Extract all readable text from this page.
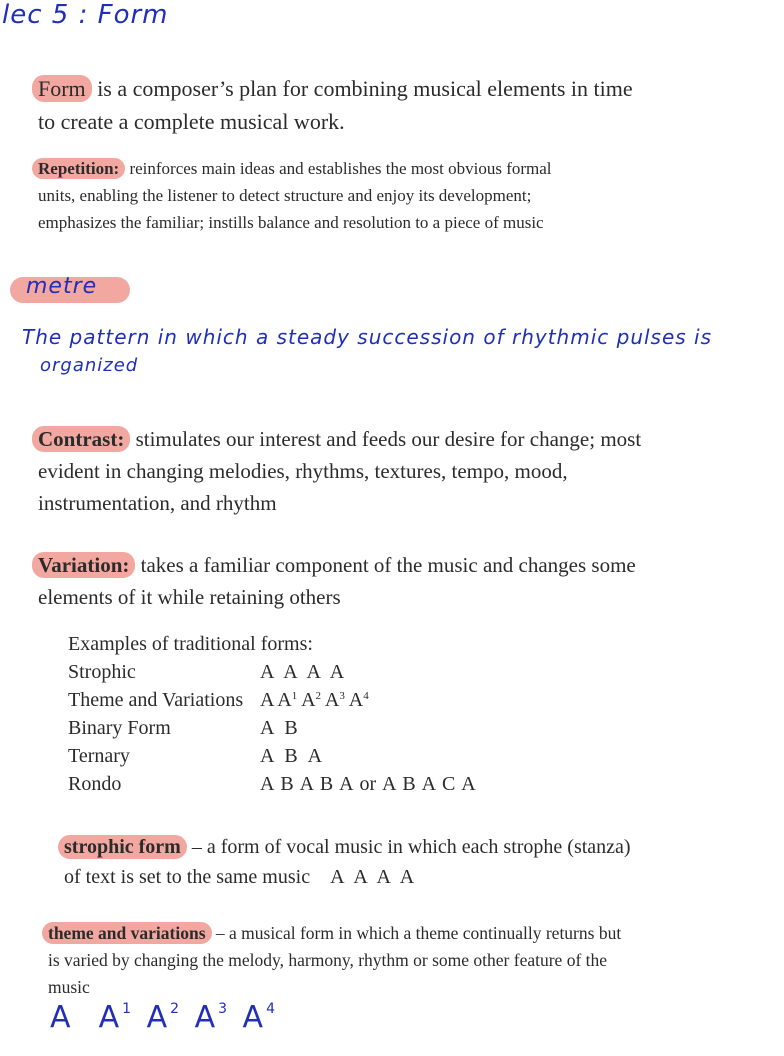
lec 5 : Form

Form is a composer’s plan for combining musical elements in time to create a complete musical work.

Repetition: reinforces main ideas and establishes the most obvious formal units, enabling the listener to detect structure and enjoy its development; emphasizes the familiar; instills balance and resolution to a piece of music

metre
The pattern in which a steady succession of rhythmic pulses is
organized

Contrast: stimulates our interest and feeds our desire for change; most evident in changing melodies, rhythms, textures, tempo, mood, instrumentation, and rhythm

Variation: takes a familiar component of the music and changes some elements of it while retaining others

Examples of traditional forms:
Strophic	A A A A
Theme and Variations	A $A^1$ $A^2$ $A^3$ $A^4$
Binary Form	A B
Ternary	A B A
Rondo	A B A B A or A B A C A

strophic form – a form of vocal music in which each strophe (stanza) of text is set to the same music A A A A

theme and variations – a musical form in which a theme continually returns but is varied by changing the melody, harmony, rhythm or some other feature of the music

A  $A^1$ $A^2$ $A^3$ $A^4$
